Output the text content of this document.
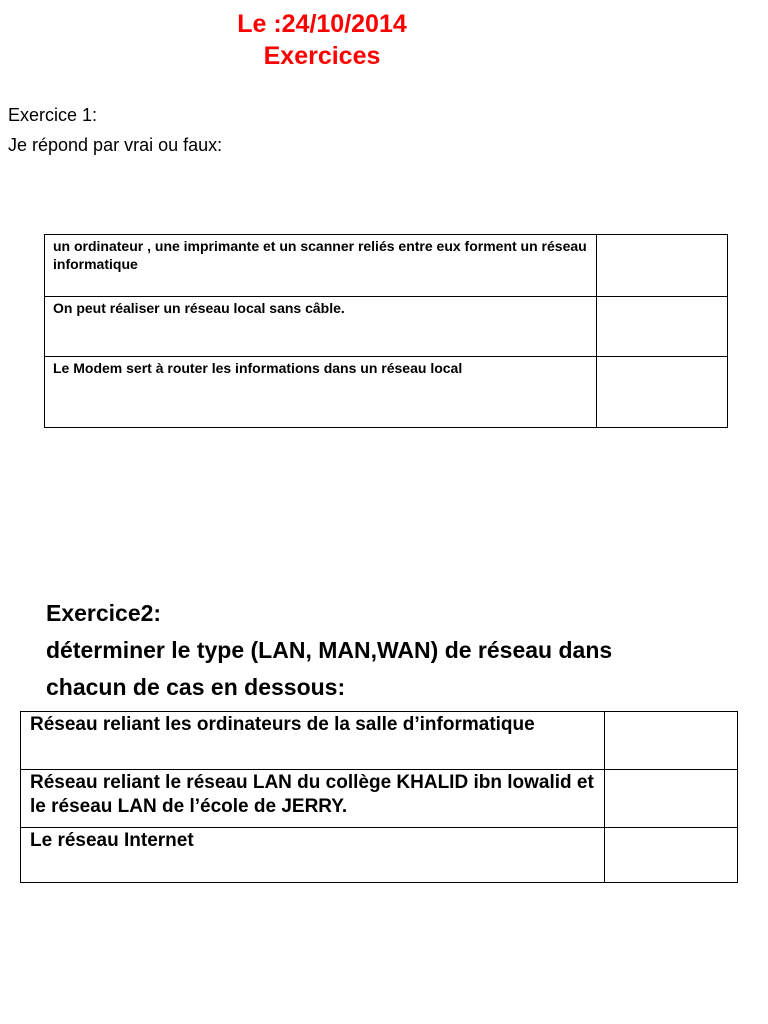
Le :24/10/2014
Exercices
Exercice 1:
Je répond par vrai ou faux:
un ordinateur , une imprimante et un scanner reliés entre eux forment un réseau informatique	
On peut réaliser un réseau local sans câble.	
Le Modem sert à router les informations dans un réseau local	
Exercice2:
déterminer le type (LAN, MAN,WAN) de réseau dans
chacun de cas en dessous:
Réseau reliant les ordinateurs de la salle d’informatique	
Réseau reliant le réseau LAN du collège KHALID ibn lowalid et le réseau LAN de l’école de JERRY.	
Le réseau Internet	
